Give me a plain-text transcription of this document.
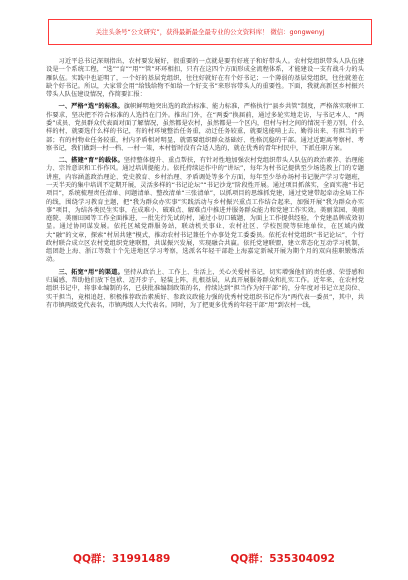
关注头条号“公文研究”，获得最新最全最专业的公文资料库！ 微信：gongwenyj

习近平总书记深刻指出，农村要发展好，很重要的一点就是要有好班子和好带头人。农村党组织带头人队伍建设是一个系统工程，“选”“育”“用”“管”环环相扣，只有在这四个方面形成全流程体系，才能建设一支有战斗力的头雁队伍。实践中也证明了，一个好的基层党组织，往往好就好在有个好书记；一个薄弱的基层党组织，往往就差在缺个好书记。所以，大家常会用“给钱给物不如给一个好支书”来形容带头人的重要性。下面，我就高新区乡村振兴带头人队伍建设情况，作简要汇报：

一、严格“选”的标准。旗帜鲜明地突出选的政治标准、能力标准，严格执行“县乡共管”制度，严格落实联审工作要求，坚决把不符合标准的人选挡在门外。推出门外，在“两委”换届前，通过多轮实地走访，与书记本人、“两委”成员、党员群众代表面对面了解情况，虽然都是农村，虽然都是一个区内，但村与村之间的情况千差万别，什么样的村，就要选什么样的书记，有的村环境整治任务重，动迁任务较重，就要选能啃上去、勤得出来、有担当的干部；有的村物业任务较重，村内矛盾相对明显，就需要组织群众基础好、性格沉稳的干部。通过近距离考察村、考察书记，我们做到一村一档、一村一策，本村暂时没有合适人选的，就在优秀的青年村民中，下派任职方案。

二、搭建“育”的载体。坚持整体提升、重点帮扶，有针对性地加强农村党组织带头人队伍的政治素养、治理能力、宗旨意识和工作作风。通过培训提能力。依托持续运作中的“讲坛”，每年为村书记提供至少场选教上门的专题讲座，内容涵盖政治理论、党史教育、乡村治理、矛盾调处等多个方面，每年至少举办场村书记脱产学习专题班，一天半天的集中培训不定期开展，灵活多样的“书记论坛”“书记沙龙”阶段性开展。通过项目抓落实，全面实施“书记项目”，系统梳理责任清单、问题清单、整改清单“三张清单”，以抓项目的思维抓党建，通过党建带起牵动全局工作的线，围绕学习教育主题，把“我为群众办实事”实践活动与乡村振兴重点工作结合起来，加强开展“我为群众办实事”项目，为结各类民生实事，在成难小、破难点、解难点中推进并服务群众能力和党建工作实效。美丽菜园、美丽庭院、美丽田园等工作全面推进，一批先行先试的村，通过小切口破题，为面上工作提供经验，个党建品牌成效初显。通过协同谋发展。依托区城党群服务站，联动机关事业、农村社区、学校医院等驻地单位，在区域内做大“融”的文章，探索“村居共建”模式，推动农村书记兼任个办事处党工委委员。依托农村党组织“书记论坛”，个行政村联合成立区农村党组织党建联盟，共谋振兴发展，实现融合共赢。依托党建联盟，建立常态化互动学习机制，组团赴上海、浙江等数十个先进地区学习考察，选派名年轻干部赴上海嘉定新城开展为期个月的双向挂职锻炼活动。

三、拓宽“用”的渠道。坚持从政治上、工作上、生活上，关心关爱村书记，切实增强他们的责任感、荣誉感和归属感，帮助他们放下包袱、迈开步子，轻装上阵，扎根基层，从真开展服务群众和扎实工作。近年来，在农村党组织书记中，将事业编制的名，已获批准编制政策的名，持续达到“担当作为好干部”的，分年度对书记立足岗位、实干担当，竟相追赶、积极推荐政治素质好、参政议政能力强的优秀村党组织书记作为“两代表一委员”，其中，共有市镇两级党代表名，市镇两级人大代表名。同时，为了把更多优秀的年轻干部“用”到农村一线，

QQ群：31991489	QQ群：535304092
